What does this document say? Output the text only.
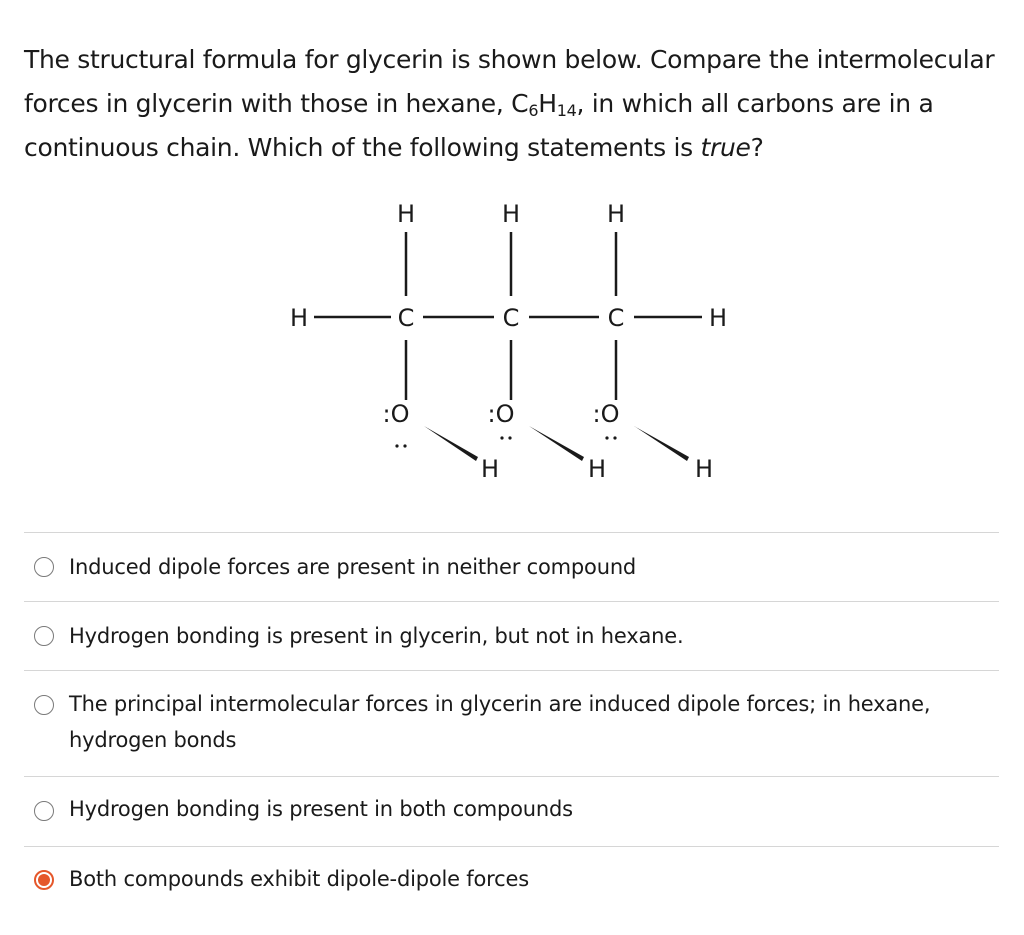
The structural formula for glycerin is shown below. Compare the intermolecular forces in glycerin with those in hexane, $C_6H_{14}$, in which all carbons are in a continuous chain. Which of the following statements is true?
H	H	H
H	C	C	C	H
:O	:O	:O
H	H	H
Induced dipole forces are present in neither compound
Hydrogen bonding is present in glycerin, but not in hexane.
The principal intermolecular forces in glycerin are induced dipole forces; in hexane, hydrogen bonds
Hydrogen bonding is present in both compounds
Both compounds exhibit dipole-dipole forces
